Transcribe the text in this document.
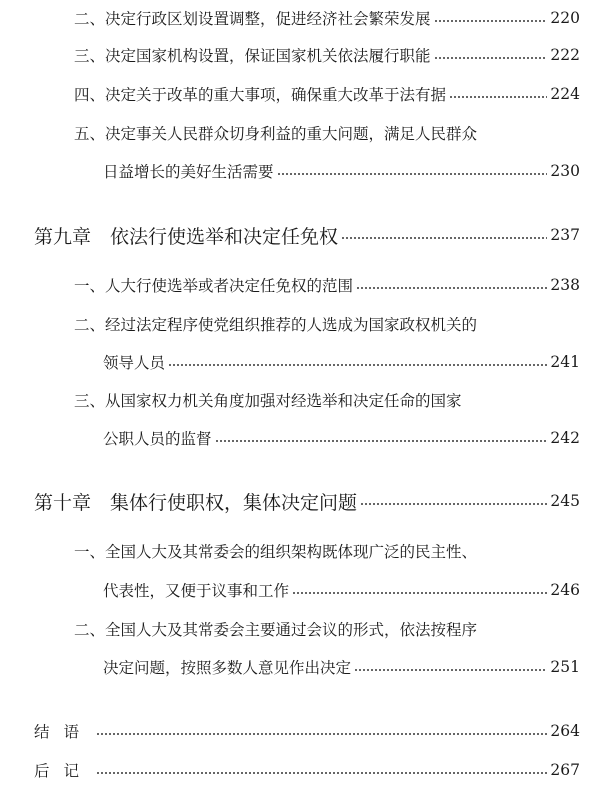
二、决定行政区划设置调整，促进经济社会繁荣发展	220
三、决定国家机构设置，保证国家机关依法履行职能	222
四、决定关于改革的重大事项，确保重大改革于法有据	224
五、决定事关人民群众切身利益的重大问题，满足人民群众
日益增长的美好生活需要	230
第九章　依法行使选举和决定任免权	237
一、人大行使选举或者决定任免权的范围	238
二、经过法定程序使党组织推荐的人选成为国家政权机关的
领导人员	241
三、从国家权力机关角度加强对经选举和决定任命的国家
公职人员的监督	242
第十章　集体行使职权，集体决定问题	245
一、全国人大及其常委会的组织架构既体现广泛的民主性、
代表性，又便于议事和工作	246
二、全国人大及其常委会主要通过会议的形式，依法按程序
决定问题，按照多数人意见作出决定	251
结语	264
后记	267
